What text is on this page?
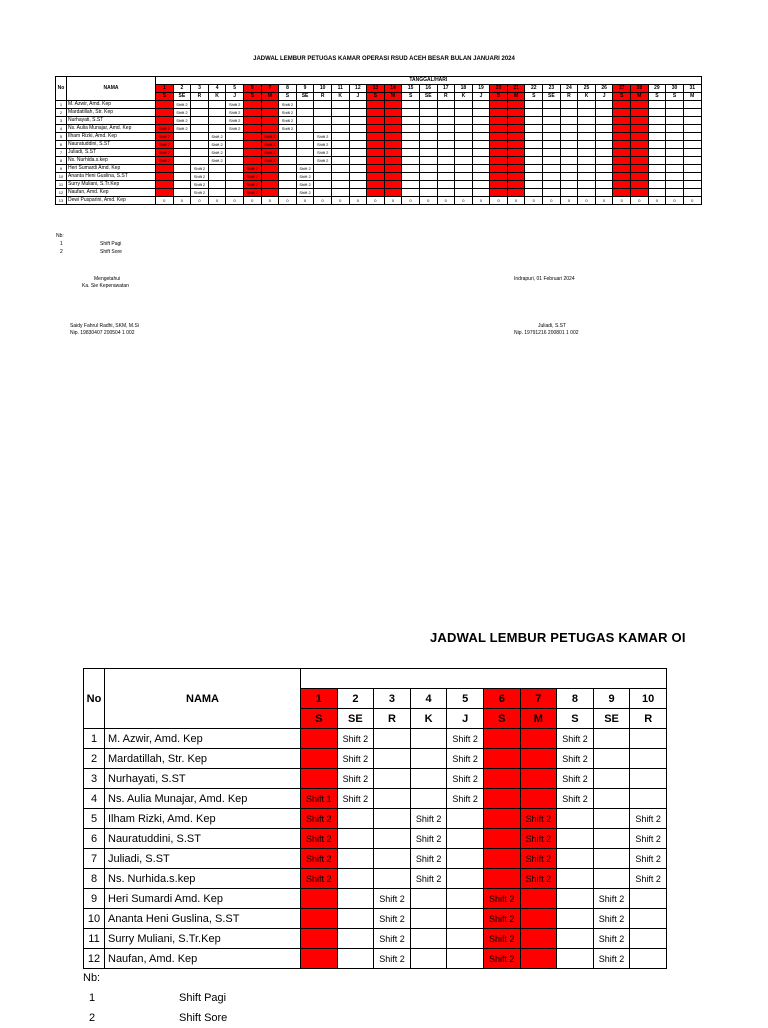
JADWAL LEMBUR PETUGAS KAMAR OPERASI RSUD ACEH BESAR BULAN JANUARI 2024
No	NAMA	TANGGAL/HARI																														
		1	2	3	4	5	6	7	8	9	10	11	12	13	14	15	16	17	18	19	20	21	22	23	24	25	26	27	28	29	30	31
		S	SE	R	K	J	S	M	S	SE	R	K	J	S	M	S	SE	R	K	J	S	M	S	SE	R	K	J	S	M	S	S	M
1	M. Azwir, Amd. Kep		Shift 2			Shift 2			Shift 2																							
2	Mardatillah, Str. Kep		Shift 2			Shift 2			Shift 2																							
3	Nurhayati, S.ST		Shift 2			Shift 2			Shift 2																							
4	Ns. Aulia Munajar, Amd. Kep	Shift 1	Shift 2			Shift 2			Shift 2																							
5	Ilham Rizki, Amd. Kep	Shift 2			Shift 2			Shift 2			Shift 2																					
6	Nauratuddini, S.ST	Shift 2			Shift 2			Shift 2			Shift 2																					
7	Juliadi, S.ST	Shift 2			Shift 2			Shift 2			Shift 2																					
8	Ns. Nurhida.s.kep	Shift 2			Shift 2			Shift 2			Shift 2																					
9	Heri Sumardi Amd. Kep			Shift 2			Shift 2			Shift 2																						
10	Ananta Heni Guslina, S.ST			Shift 2			Shift 2			Shift 2																						
11	Surry Muliani, S.Tr.Kep			Shift 2			Shift 2			Shift 2																						
12	Naufan, Amd. Kep			Shift 2			Shift 2			Shift 2																						
13	Dewi Pusparini, Amd. Kep	0	0	0	0	0	0	0	0	0	0	0	0	0	0	0	0	0	0	0	0	0	0	0	0	0	0	0	0	0	0	0
Nb:
1	Shift Pagi
2	Shift Sore
Mengetahui
Ka. Sie Keperawatan
Saidy Fahrul Radhi, SKM, M.Si
Nip. 19830407 200504 1 002
Indrapuri, 01 Februari 2024
Juliadi, S.ST
Nip. 19791216 200801 1 002
JADWAL LEMBUR PETUGAS KAMAR OI
No	NAMA										
		1	2	3	4	5	6	7	8	9	10
		S	SE	R	K	J	S	M	S	SE	R
1	M. Azwir, Amd. Kep		Shift 2			Shift 2			Shift 2		
2	Mardatillah, Str. Kep		Shift 2			Shift 2			Shift 2		
3	Nurhayati, S.ST		Shift 2			Shift 2			Shift 2		
4	Ns. Aulia Munajar, Amd. Kep	Shift 1	Shift 2			Shift 2			Shift 2		
5	Ilham Rizki, Amd. Kep	Shift 2			Shift 2			Shift 2			Shift 2
6	Nauratuddini, S.ST	Shift 2			Shift 2			Shift 2			Shift 2
7	Juliadi, S.ST	Shift 2			Shift 2			Shift 2			Shift 2
8	Ns. Nurhida.s.kep	Shift 2			Shift 2			Shift 2			Shift 2
9	Heri Sumardi Amd. Kep			Shift 2			Shift 2			Shift 2	
10	Ananta Heni Guslina, S.ST			Shift 2			Shift 2			Shift 2	
11	Surry Muliani, S.Tr.Kep			Shift 2			Shift 2			Shift 2	
12	Naufan, Amd. Kep			Shift 2			Shift 2			Shift 2	
Nb:
1	Shift Pagi
2	Shift Sore
